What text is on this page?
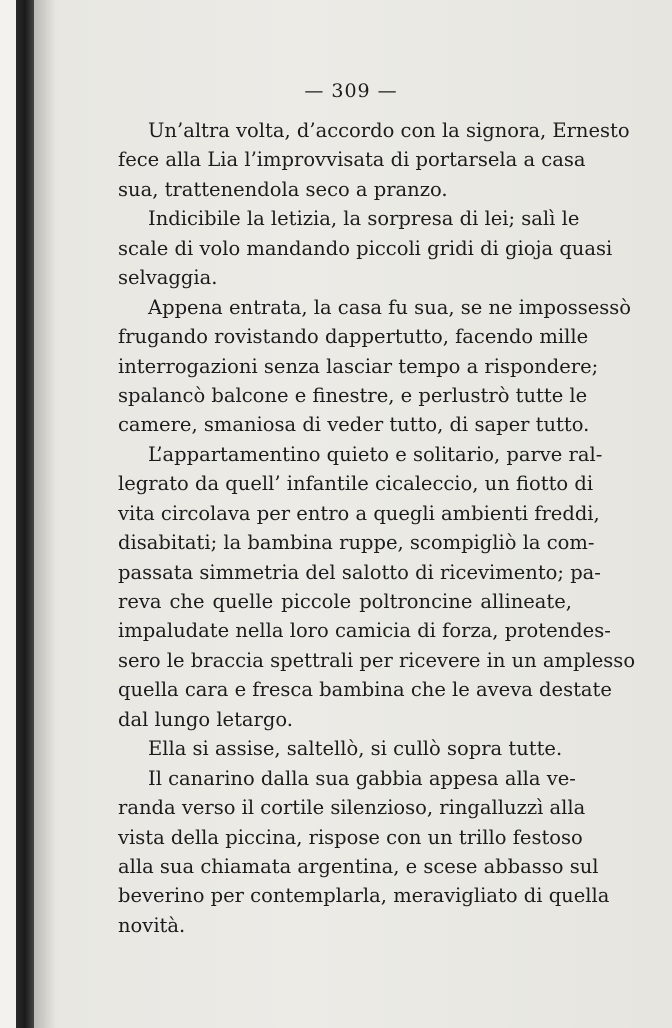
— 309 —
Un’altra volta, d’accordo con la signora, Ernesto
fece alla Lia l’improvvisata di portarsela a casa
sua, trattenendola seco a pranzo.
Indicibile la letizia, la sorpresa di lei; salì le
scale di volo mandando piccoli gridi di gioja quasi
selvaggia.
Appena entrata, la casa fu sua, se ne impossessò
frugando rovistando dappertutto, facendo mille
interrogazioni senza lasciar tempo a rispondere;
spalancò balcone e finestre, e perlustrò tutte le
camere, smaniosa di veder tutto, di saper tutto.
L’appartamentino quieto e solitario, parve ral-
legrato da quell’ infantile cicaleccio, un fiotto di
vita circolava per entro a quegli ambienti freddi,
disabitati; la bambina ruppe, scompigliò la com-
passata simmetria del salotto di ricevimento; pa-
reva che quelle piccole poltroncine allineate,
impaludate nella loro camicia di forza, protendes-
sero le braccia spettrali per ricevere in un amplesso
quella cara e fresca bambina che le aveva destate
dal lungo letargo.
Ella si assise, saltellò, si cullò sopra tutte.
Il canarino dalla sua gabbia appesa alla ve-
randa verso il cortile silenzioso, ringalluzzì alla
vista della piccina, rispose con un trillo festoso
alla sua chiamata argentina, e scese abbasso sul
beverino per contemplarla, meravigliato di quella
novità.
